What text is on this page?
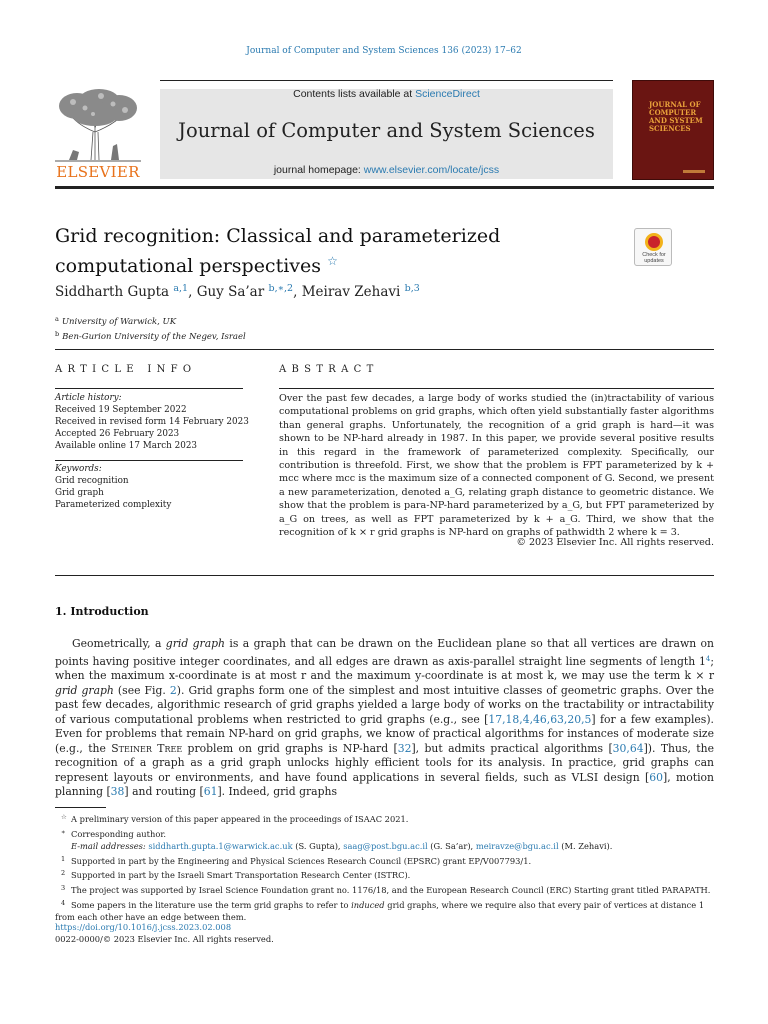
Journal of Computer and System Sciences 136 (2023) 17–62
ELSEVIER
Contents lists available at ScienceDirect
Journal of Computer and System Sciences
journal homepage: www.elsevier.com/locate/jcss
JOURNAL OF COMPUTER AND SYSTEM SCIENCES
Grid recognition: Classical and parameterized computational perspectives ☆	Check for updates
Siddharth Gupta $^{a,1}$, Guy Sa’ar $^{b,∗,2}$, Meirav Zehavi $^{b,3}$
$^a$ University of Warwick, UK
$^b$ Ben-Gurion University of the Negev, Israel
ARTICLE INFO
Article history:
Received 19 September 2022
Received in revised form 14 February 2023
Accepted 26 February 2023
Available online 17 March 2023
Keywords:
Grid recognition
Grid graph
Parameterized complexity
ABSTRACT
Over the past few decades, a large body of works studied the (in)tractability of various computational problems on grid graphs, which often yield substantially faster algorithms than general graphs. Unfortunately, the recognition of a grid graph is hard—it was shown to be NP-hard already in 1987. In this paper, we provide several positive results in this regard in the framework of parameterized complexity. Specifically, our contribution is threefold. First, we show that the problem is FPT parameterized by k + mcc where mcc is the maximum size of a connected component of G. Second, we present a new parameterization, denoted a_G, relating graph distance to geometric distance. We show that the problem is para-NP-hard parameterized by a_G, but FPT parameterized by a_G on trees, as well as FPT parameterized by k + a_G. Third, we show that the recognition of k × r grid graphs is NP-hard on graphs of pathwidth 2 where k = 3.
© 2023 Elsevier Inc. All rights reserved.
1. Introduction
Geometrically, a grid graph is a graph that can be drawn on the Euclidean plane so that all vertices are drawn on points having positive integer coordinates, and all edges are drawn as axis-parallel straight line segments of length $1^4$; when the maximum x-coordinate is at most r and the maximum y-coordinate is at most k, we may use the term k × r grid graph (see Fig. 2). Grid graphs form one of the simplest and most intuitive classes of geometric graphs. Over the past few decades, algorithmic research of grid graphs yielded a large body of works on the tractability or intractability of various computational problems when restricted to grid graphs (e.g., see [17,18,4,46,63,20,5] for a few examples). Even for problems that remain NP-hard on grid graphs, we know of practical algorithms for instances of moderate size (e.g., the Steiner Tree problem on grid graphs is NP-hard [32], but admits practical algorithms [30,64]). Thus, the recognition of a graph as a grid graph unlocks highly efficient tools for its analysis. In practice, grid graphs can represent layouts or environments, and have found applications in several fields, such as VLSI design [60], motion planning [38] and routing [61]. Indeed, grid graphs
☆ A preliminary version of this paper appeared in the proceedings of ISAAC 2021.
∗ Corresponding author.
E-mail addresses: siddharth.gupta.1@warwick.ac.uk (S. Gupta), saag@post.bgu.ac.il (G. Sa’ar), meiravze@bgu.ac.il (M. Zehavi).
1 Supported in part by the Engineering and Physical Sciences Research Council (EPSRC) grant EP/V007793/1.
2 Supported in part by the Israeli Smart Transportation Research Center (ISTRC).
3 The project was supported by Israel Science Foundation grant no. 1176/18, and the European Research Council (ERC) Starting grant titled PARAPATH.
4 Some papers in the literature use the term grid graphs to refer to induced grid graphs, where we require also that every pair of vertices at distance 1 from each other have an edge between them.
https://doi.org/10.1016/j.jcss.2023.02.008
0022-0000/© 2023 Elsevier Inc. All rights reserved.
